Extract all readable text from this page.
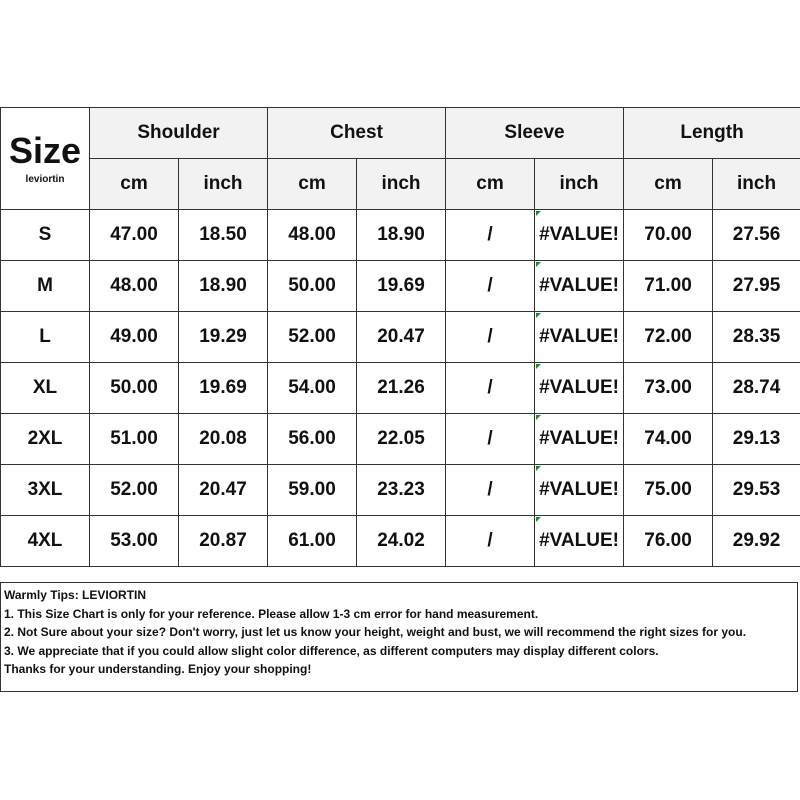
Size
leviortin	Shoulder		Chest		Sleeve		Length	
	cm	inch	cm	inch	cm	inch	cm	inch
S	47.00	18.50	48.00	18.90	/	#VALUE!	70.00	27.56
M	48.00	18.90	50.00	19.69	/	#VALUE!	71.00	27.95
L	49.00	19.29	52.00	20.47	/	#VALUE!	72.00	28.35
XL	50.00	19.69	54.00	21.26	/	#VALUE!	73.00	28.74
2XL	51.00	20.08	56.00	22.05	/	#VALUE!	74.00	29.13
3XL	52.00	20.47	59.00	23.23	/	#VALUE!	75.00	29.53
4XL	53.00	20.87	61.00	24.02	/	#VALUE!	76.00	29.92
Warmly Tips: LEVIORTIN
1. This Size Chart is only for your reference. Please allow 1-3 cm error for hand measurement.
2. Not Sure about your size? Don't worry, just let us know your height, weight and bust, we will recommend the right sizes for you.
3. We appreciate that if you could allow slight color difference, as different computers may display different colors.
Thanks for your understanding. Enjoy your shopping!
